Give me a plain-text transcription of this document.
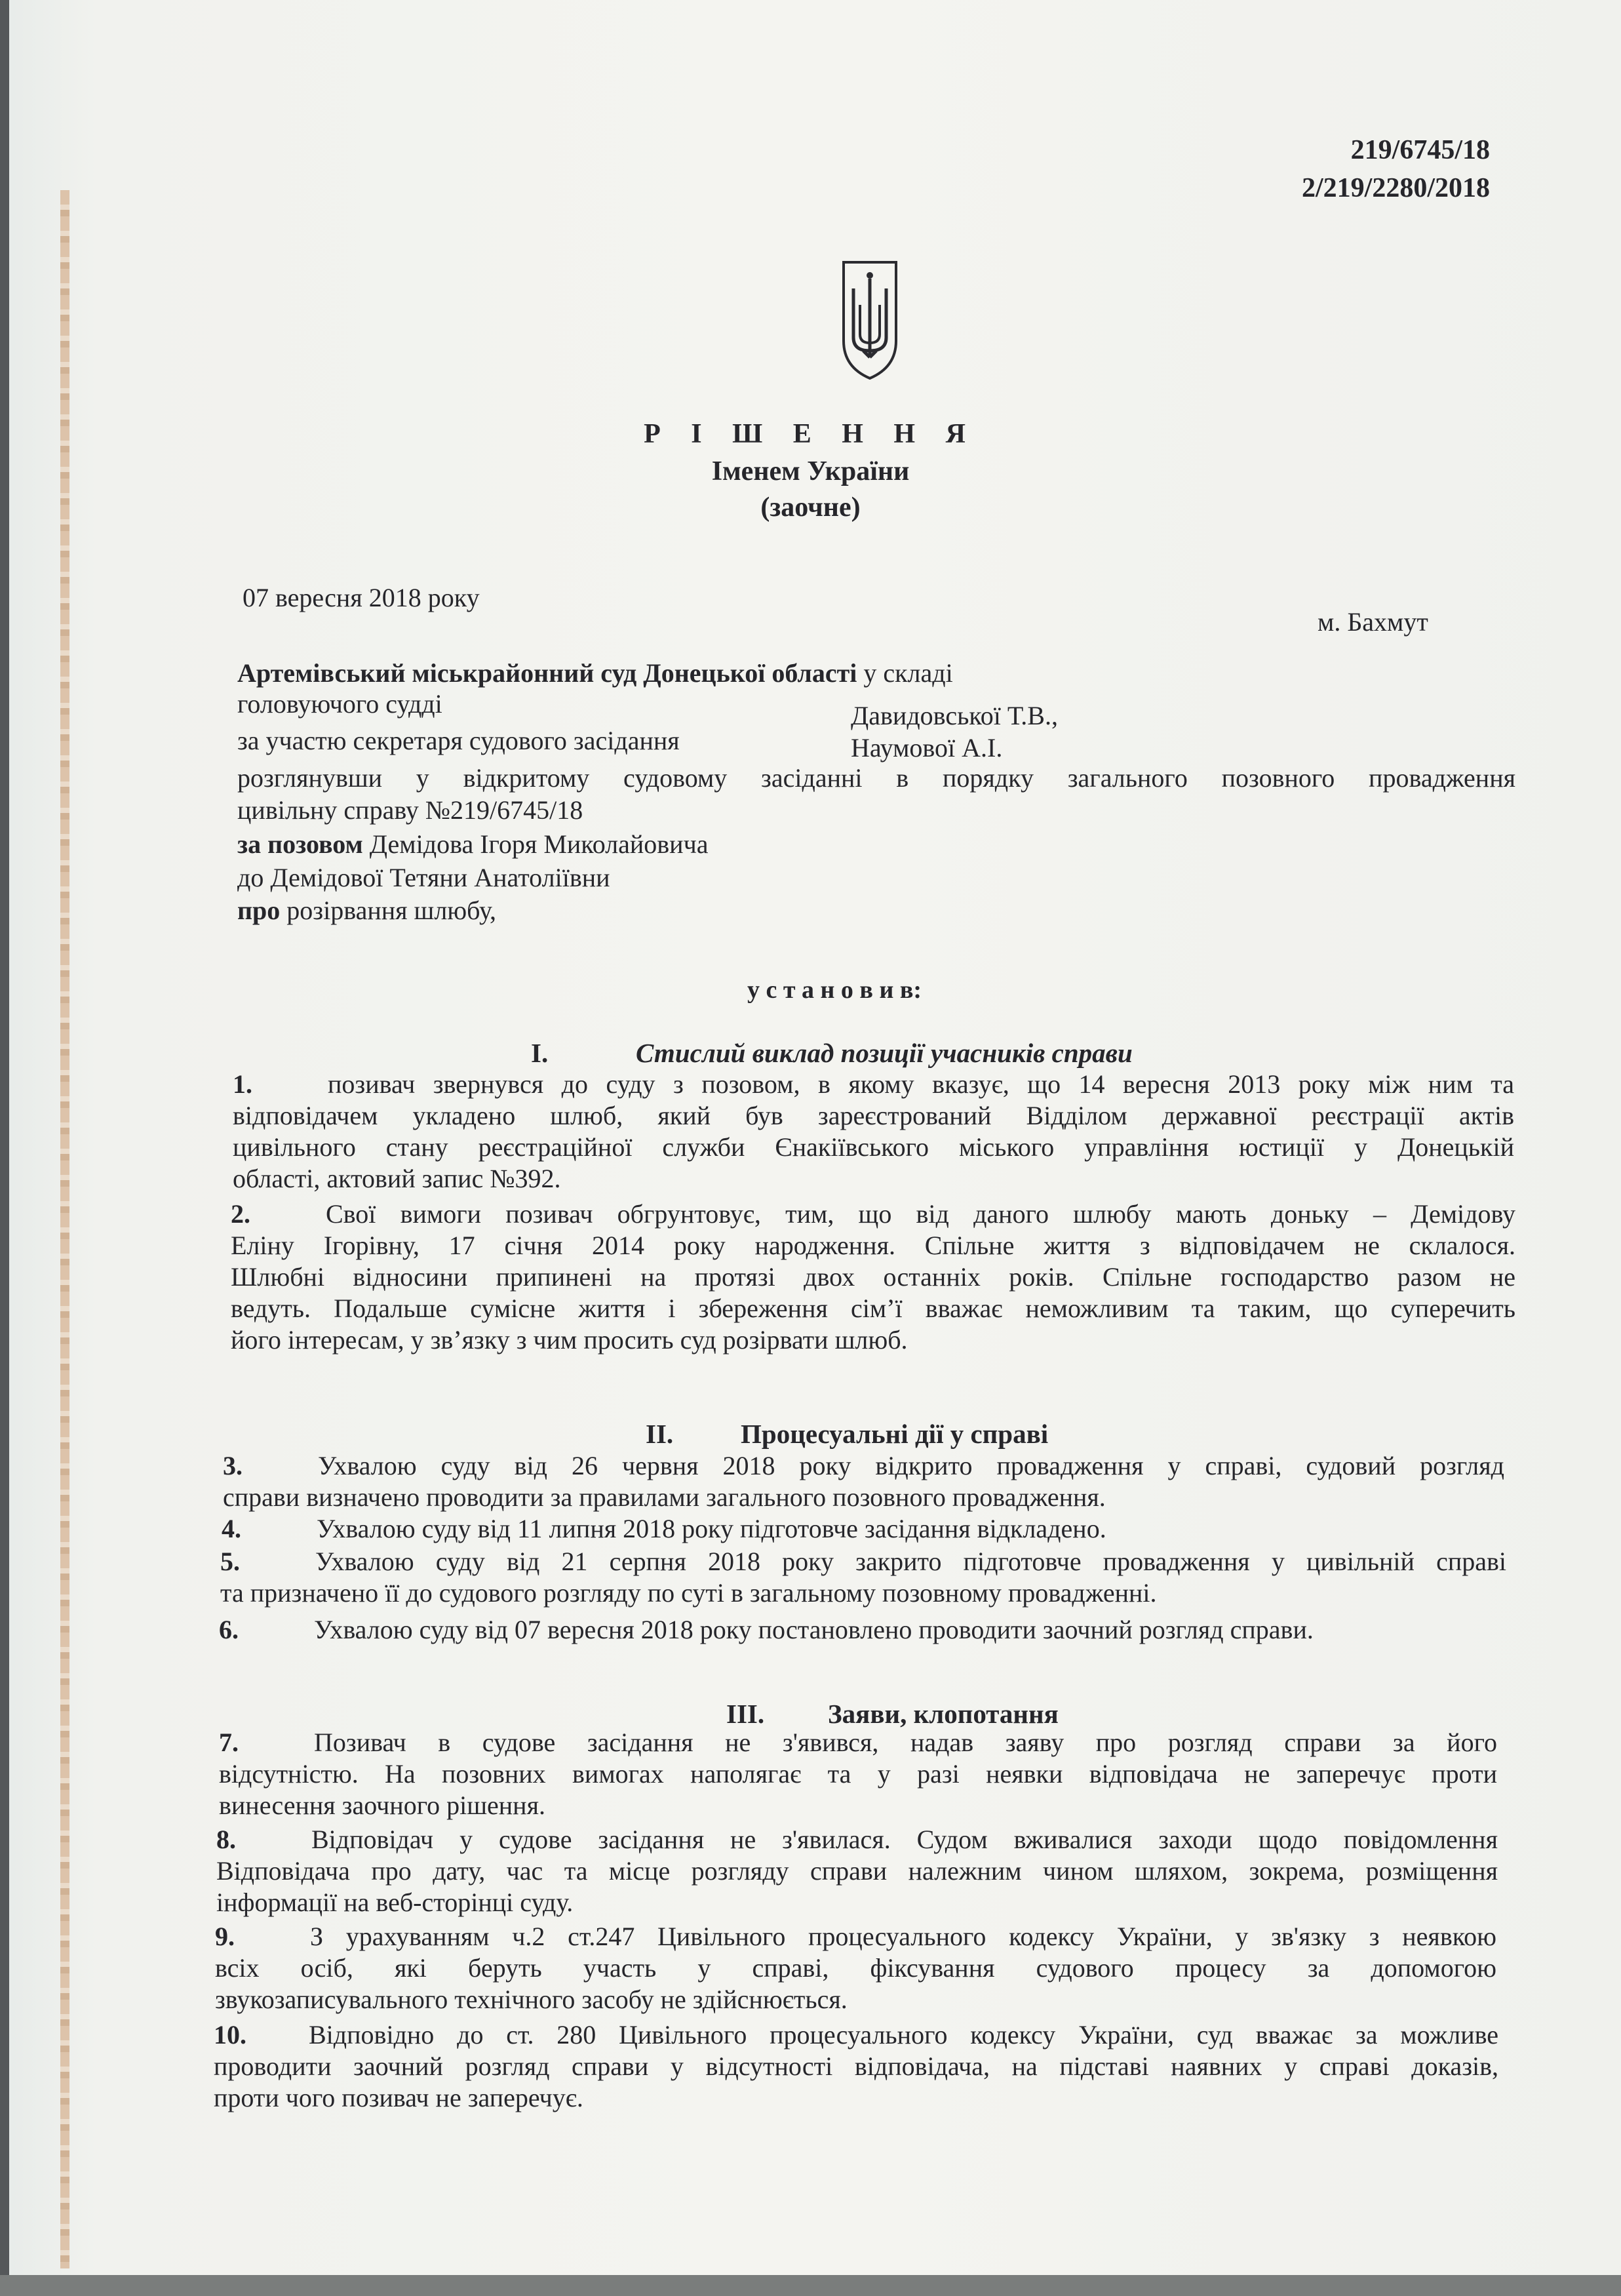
219/6745/18
2/219/2280/2018
Р І Ш Е Н Н Я
Іменем України
(заочне)
07 вересня 2018 року
м. Бахмут
Артемівський міськрайонний суд Донецької області у складі
головуючого судді	Давидовської Т.В.,
за участю секретаря судового засідання	Наумової А.І.
розглянувши у відкритому судовому засіданні в порядку загального позовного провадження
цивільну справу №219/6745/18
за позовом Демідова Ігоря Миколайовича
до Демідової Тетяни Анатоліївни
про розірвання шлюбу,
у с т а н о в и в:
I.	Стислий виклад позиції учасників справи
1.	позивач звернувся до суду з позовом, в якому вказує, що 14 вересня 2013 року між ним та
відповідачем укладено шлюб, який був зареєстрований Відділом державної реєстрації актів
цивільного стану реєстраційної служби Єнакіївського міського управління юстиції у Донецькій
області, актовий запис №392.
2.	Свої вимоги позивач обгрунтовує, тим, що від даного шлюбу мають доньку – Демідову
Еліну Ігорівну, 17 січня 2014 року народження. Спільне життя з відповідачем не склалося.
Шлюбні відносини припинені на протязі двох останніх років. Спільне господарство разом не
ведуть. Подальше сумісне життя і збереження сім’ї вважає неможливим та таким, що суперечить
його інтересам, у зв’язку з чим просить суд розірвати шлюб.
II.	Процесуальні дії у справі
3.	Ухвалою суду від 26 червня 2018 року відкрито провадження у справі, судовий розгляд
справи визначено проводити за правилами загального позовного провадження.
4.	Ухвалою суду від 11 липня 2018 року підготовче засідання відкладено.
5.	Ухвалою суду від 21 серпня 2018 року закрито підготовче провадження у цивільній справі
та призначено її до судового розгляду по суті в загальному позовному провадженні.
6.	Ухвалою суду від 07 вересня 2018 року постановлено проводити заочний розгляд справи.
III. Заяви, клопотання
7.	Позивач в судове засідання не з'явився, надав заяву про розгляд справи за його
відсутністю. На позовних вимогах наполягає та у разі неявки відповідача не заперечує проти
винесення заочного рішення.
8.	Відповідач у судове засідання не з'явилася. Судом вживалися заходи щодо повідомлення
Відповідача про дату, час та місце розгляду справи належним чином шляхом, зокрема, розміщення
інформації на веб-сторінці суду.
9.	З урахуванням ч.2 ст.247 Цивільного процесуального кодексу України, у зв'язку з неявкою
всіх осіб, які беруть участь у справі, фіксування судового процесу за допомогою
звукозаписувального технічного засобу не здійснюється.
10. Відповідно до ст. 280 Цивільного процесуального кодексу України, суд вважає за можливе
проводити заочний розгляд справи у відсутності відповідача, на підставі наявних у справі доказів,
проти чого позивач не заперечує.
